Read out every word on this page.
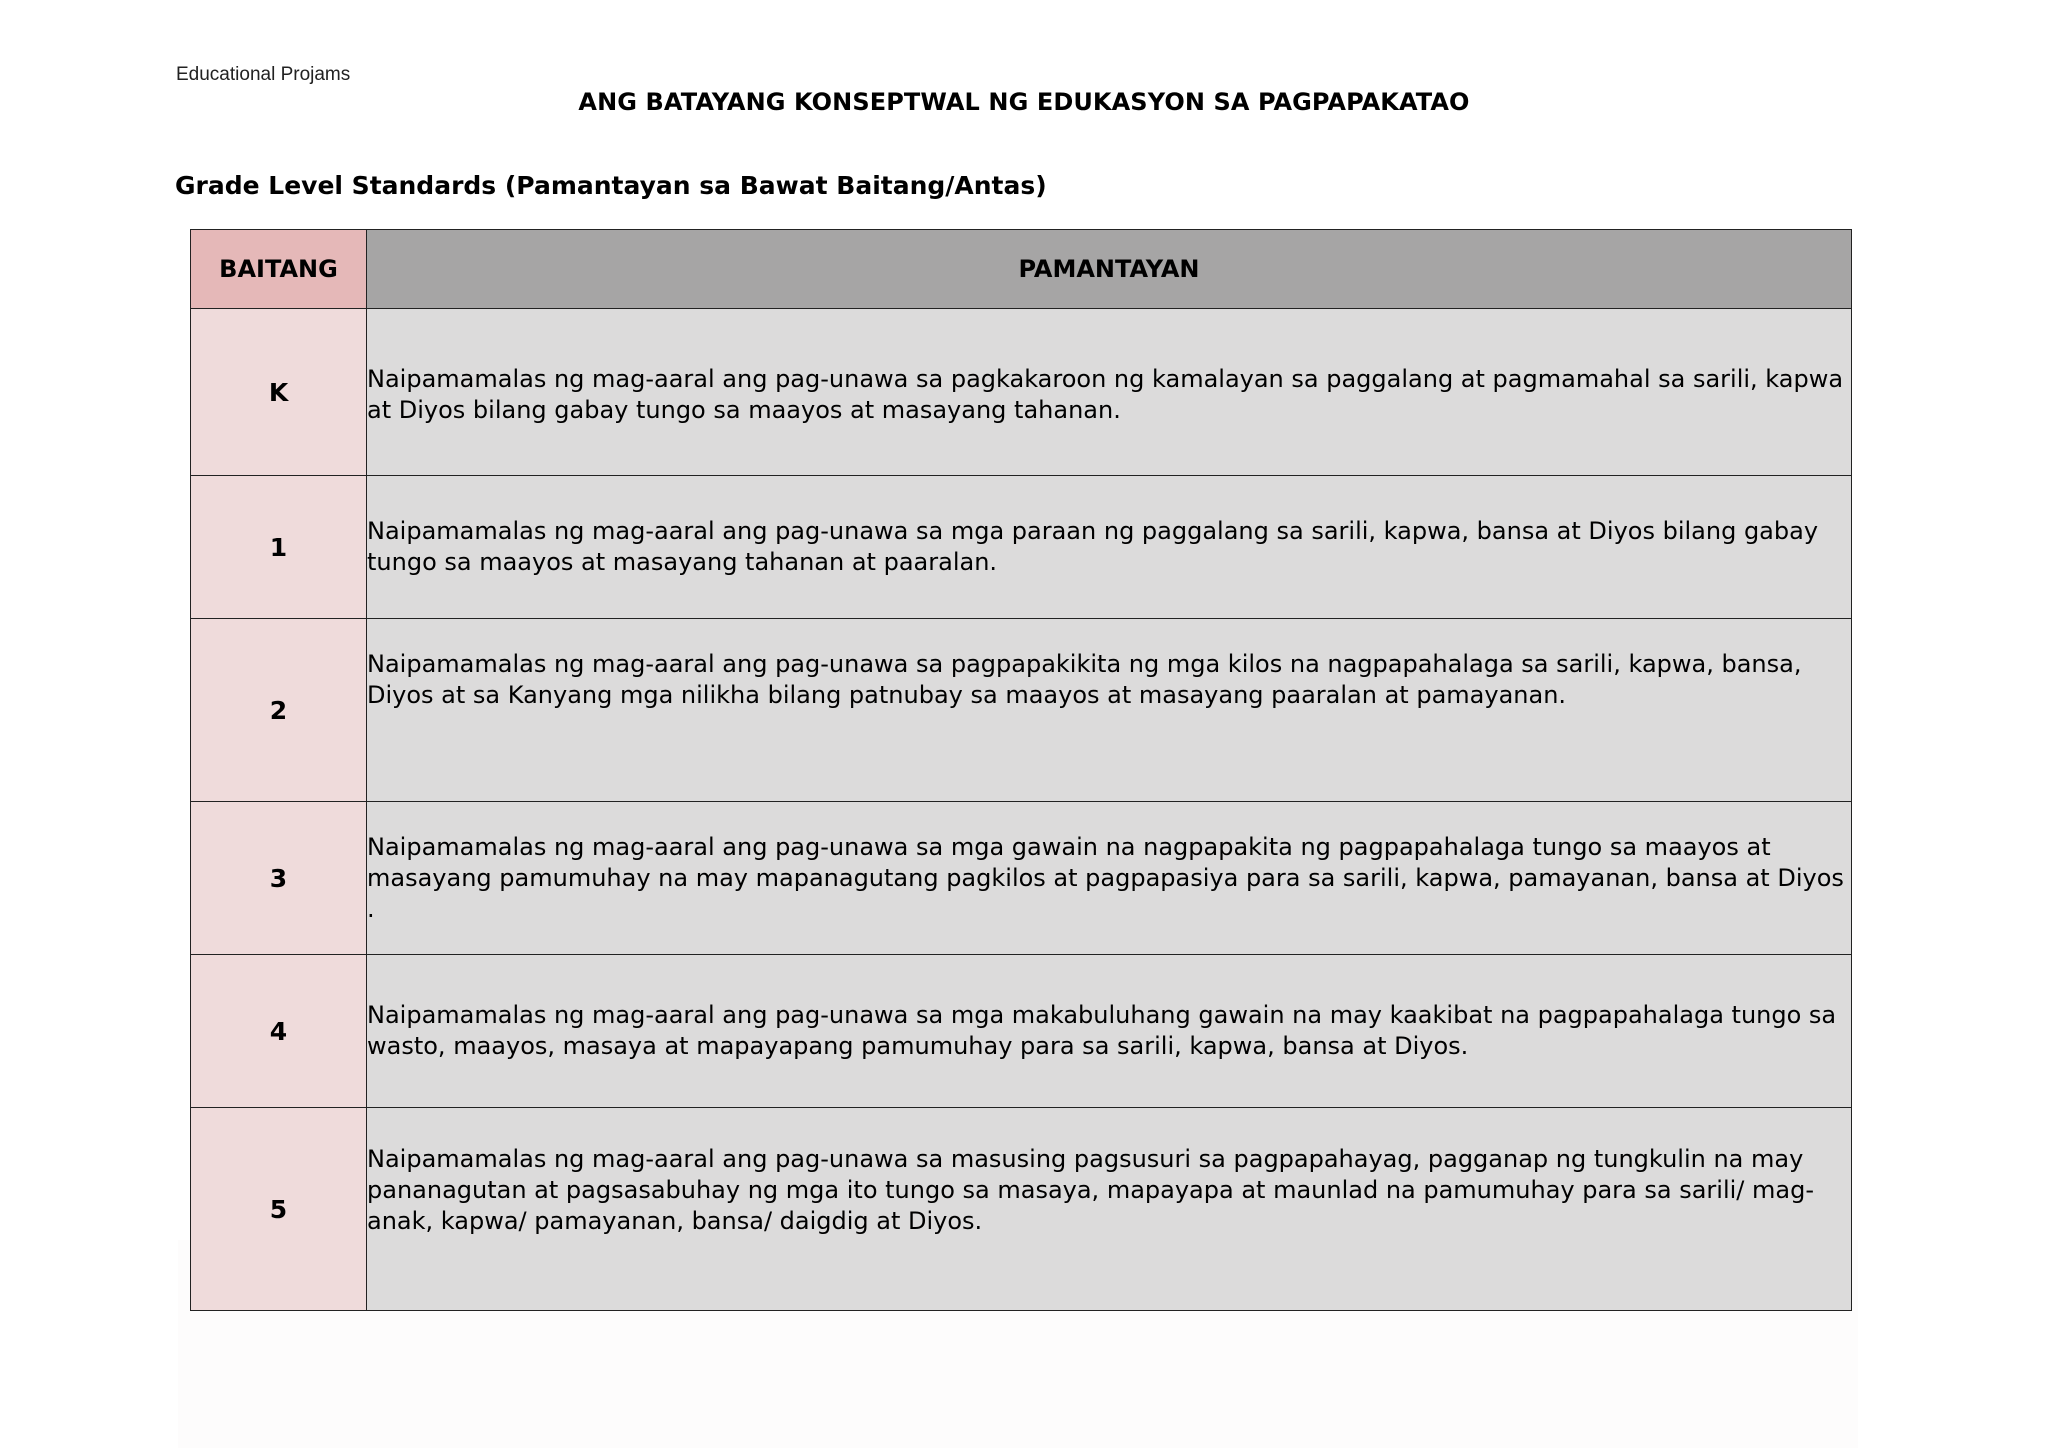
Educational Projams
ANG BATAYANG KONSEPTWAL NG EDUKASYON SA PAGPAPAKATAO
Grade Level Standards (Pamantayan sa Bawat Baitang/Antas)
BAITANG	PAMANTAYAN
K	Naipamamalas ng mag-aaral ang pag-unawa sa pagkakaroon ng kamalayan sa paggalang at pagmamahal sa sarili, kapwa at Diyos bilang gabay tungo sa maayos at masayang tahanan.
1	Naipamamalas ng mag-aaral ang pag-unawa sa mga paraan ng paggalang sa sarili, kapwa, bansa at Diyos bilang gabay tungo sa maayos at masayang tahanan at paaralan.
2	Naipamamalas ng mag-aaral ang pag-unawa sa pagpapakikita ng mga kilos na nagpapahalaga sa sarili, kapwa, bansa, Diyos at sa Kanyang mga nilikha bilang patnubay sa maayos at masayang paaralan at pamayanan.
3	Naipamamalas ng mag-aaral ang pag-unawa sa mga gawain na nagpapakita ng pagpapahalaga tungo sa maayos at masayang pamumuhay na may mapanagutang pagkilos at pagpapasiya para sa sarili, kapwa, pamayanan, bansa at Diyos .
4	Naipamamalas ng mag-aaral ang pag-unawa sa mga makabuluhang gawain na may kaakibat na pagpapahalaga tungo sa wasto, maayos, masaya at mapayapang pamumuhay para sa sarili, kapwa, bansa at Diyos.
5	Naipamamalas ng mag-aaral ang pag-unawa sa masusing pagsusuri sa pagpapahayag, pagganap ng tungkulin na may pananagutan at pagsasabuhay ng mga ito tungo sa masaya, mapayapa at maunlad na pamumuhay para sa sarili/ mag-anak, kapwa/ pamayanan, bansa/ daigdig at Diyos.
